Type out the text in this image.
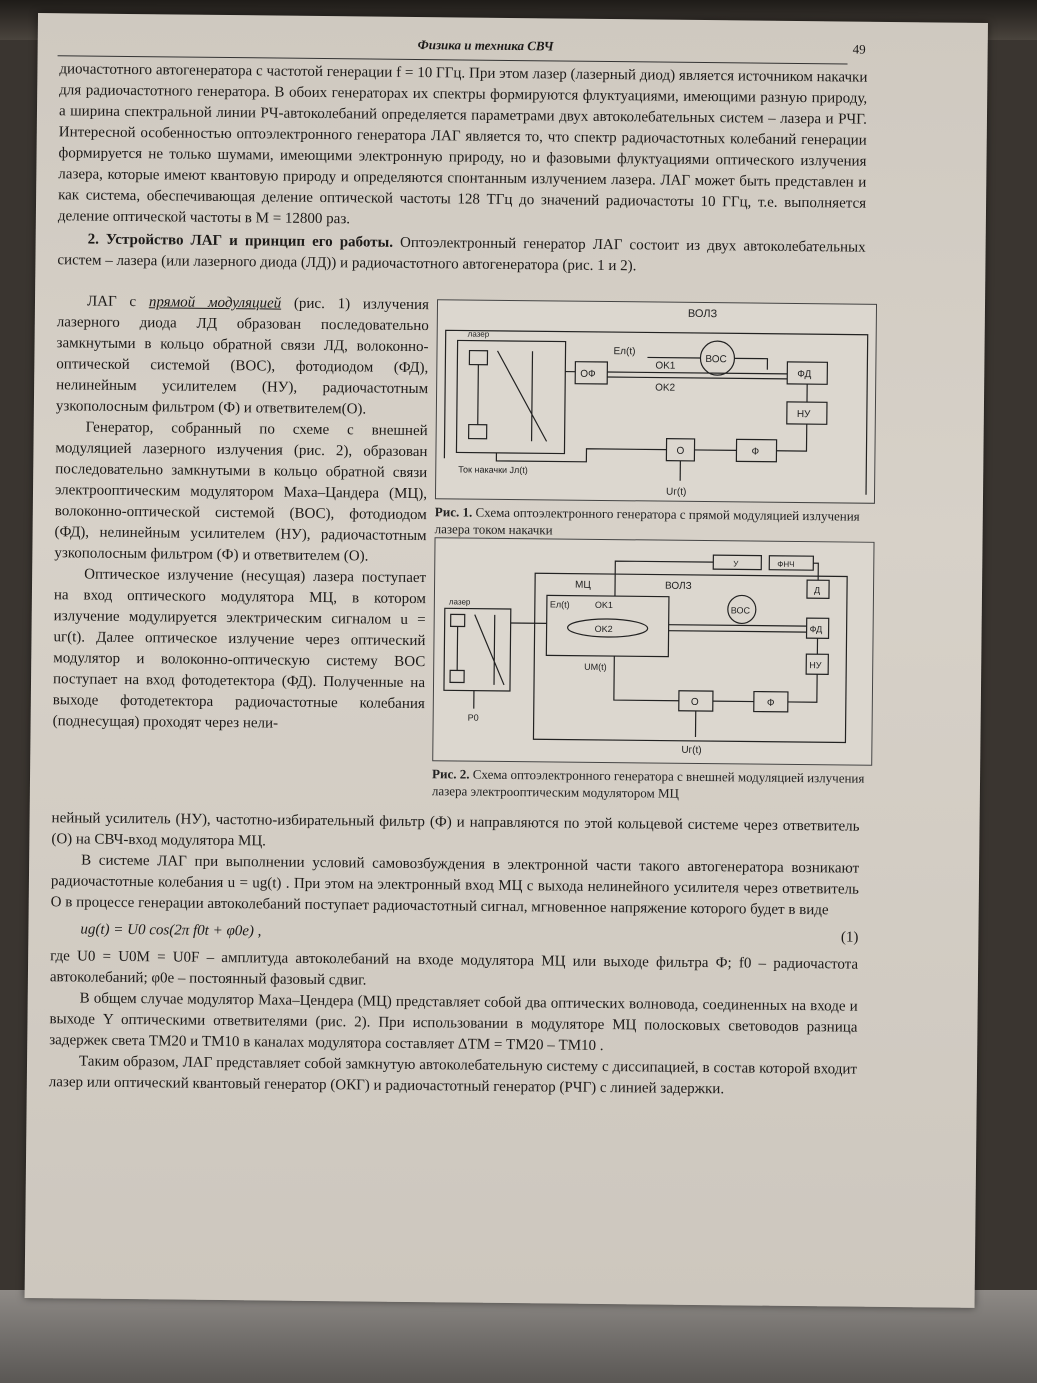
Физика и техника СВЧ	49

диочастотного автогенератора с частотой генерации f = 10 ГГц. При этом лазер (лазерный диод) является источником накачки для радиочастотного генератора. В обоих генераторах их спектры формируются флуктуациями, имеющими разную природу, а ширина спектральной линии РЧ-автоколебаний определяется параметрами двух автоколебательных систем – лазера и РЧГ. Интересной особенностью оптоэлектронного генератора ЛАГ является то, что спектр радиочастотных колебаний генерации формируется не только шумами, имеющими электронную природу, но и фазовыми флуктуациями оптического излучения лазера, которые имеют квантовую природу и определяются спонтанным излучением лазера. ЛАГ может быть представлен и как система, обеспечивающая деление оптической частоты 128 ТГц до значений радиочастоты 10 ГГц, т.е. выполняется деление оптической частоты в M = 12800 раз.

2. Устройство ЛАГ и принцип его работы. Оптоэлектронный генератор ЛАГ состоит из двух автоколебательных систем – лазера (или лазерного диода (ЛД)) и радиочастотного автогенератора (рис. 1 и 2).

ЛАГ с прямой модуляцией (рис. 1) излучения лазерного диода ЛД образован последовательно замкнутыми в кольцо обратной связи ЛД, волоконно-оптической системой (ВОС), фотодиодом (ФД), нелинейным усилителем (НУ), радиочастотным узкополосным фильтром (Ф) и ответвителем(О).

Генератор, собранный по схеме с внешней модуляцией лазерного излучения (рис. 2), образован последовательно замкнутыми в кольцо обратной связи электрооптическим модулятором Маха–Цандера (МЦ), волоконно-оптической системой (ВОС), фотодиодом (ФД), нелинейным усилителем (НУ), радиочастотным узкополосным фильтром (Ф) и ответвителем (О).

Оптическое излучение (несущая) лазера поступает на вход оптического модулятора МЦ, в котором излучение модулируется электрическим сигналом u = uг(t). Далее оптическое излучение через оптический модулятор и волоконно-оптическую систему ВОС поступает на вход фотодетектора (ФД). Полученные на выходе фотодетектора радиочастотные колебания (поднесущая) проходят через нели-

ВОЛЗ
лазер
ОФ
Eл(t)
OK1
ВОС
OK2
ФД
НУ
О	Ф
Ток накачки Jл(t)
Uг(t)
Рис. 1. Схема оптоэлектронного генератора с прямой модуляцией излучения лазера током накачки
МЦ	ВОЛЗ
лазер	Eл(t)	OK1
OK2
ВОС
Д
ФД
НУ
UМ(t)
О	Ф
У	ФНЧ
Р0
Uг(t)
Рис. 2. Схема оптоэлектронного генератора с внешней модуляцией излучения лазера электрооптическим модулятором МЦ

нейный усилитель (НУ), частотно-избирательный фильтр (Ф) и направляются по этой кольцевой системе через ответвитель (О) на СВЧ-вход модулятора МЦ.

В системе ЛАГ при выполнении условий самовозбуждения в электронной части такого автогенератора возникают радиочастотные колебания u = ug(t) . При этом на электронный вход МЦ с выхода нелинейного усилителя через ответвитель О в процессе генерации автоколебаний поступает радиочастотный сигнал, мгновенное напряжение которого будет в виде

ug(t) = U0 cos(2π f0t + φ0e) ,	(1)

где U0 = U0M = U0F – амплитуда автоколебаний на входе модулятора МЦ или выходе фильтра Ф; f0 – радиочастота автоколебаний; φ0e – постоянный фазовый сдвиг.

В общем случае модулятор Маха–Цендера (МЦ) представляет собой два оптических волновода, соединенных на входе и выходе Y оптическими ответвителями (рис. 2). При использовании в модуляторе МЦ полосковых световодов разница задержек света TМ20 и TМ10 в каналах модулятора составляет ΔTМ = TМ20 – TМ10 .

Таким образом, ЛАГ представляет собой замкнутую автоколебательную систему с диссипацией, в состав которой входит лазер или оптический квантовый генератор (ОКГ) и радиочастотный генератор (РЧГ) с линией задержки.
